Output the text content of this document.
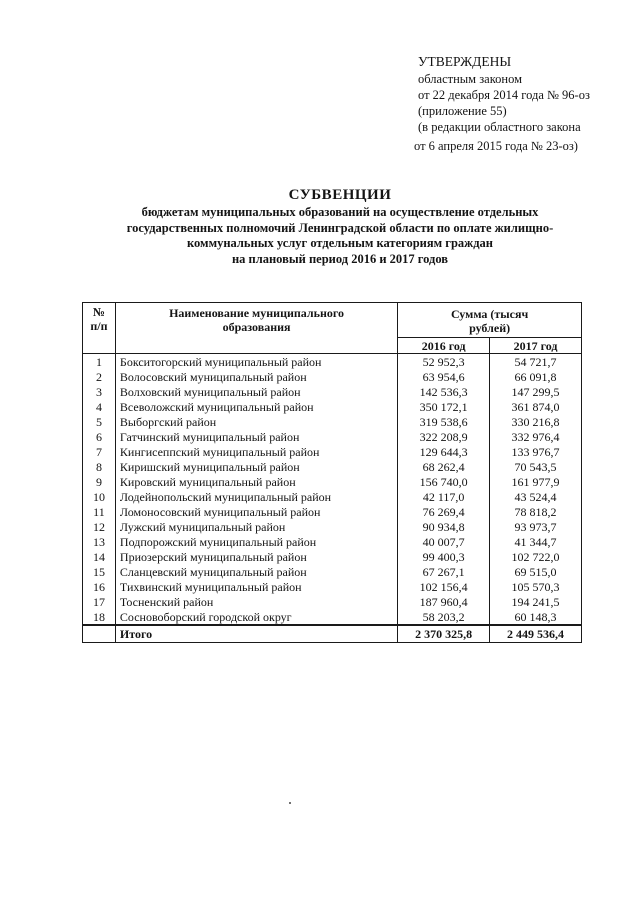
УТВЕРЖДЕНЫ
областным законом
от 22 декабря 2014 года № 96-оз
(приложение 55)
(в редакции областного закона
от 6 апреля 2015 года № 23-оз)
СУБВЕНЦИИ
бюджетам муниципальных образований на осуществление отдельных
государственных полномочий Ленинградской области по оплате жилищно-
коммунальных услуг отдельным категориям граждан
на плановый период 2016 и 2017 годов
№ п/п	Наименование муниципального образования	Сумма (тысяч рублей)	
		2016 год	2017 год
1	Бокситогорский муниципальный район	52 952,3	54 721,7
2	Волосовский муниципальный район	63 954,6	66 091,8
3	Волховский муниципальный район	142 536,3	147 299,5
4	Всеволожский муниципальный район	350 172,1	361 874,0
5	Выборгский район	319 538,6	330 216,8
6	Гатчинский муниципальный район	322 208,9	332 976,4
7	Кингисеппский муниципальный район	129 644,3	133 976,7
8	Киришский муниципальный район	68 262,4	70 543,5
9	Кировский муниципальный район	156 740,0	161 977,9
10	Лодейнопольский муниципальный район	42 117,0	43 524,4
11	Ломоносовский муниципальный район	76 269,4	78 818,2
12	Лужский муниципальный район	90 934,8	93 973,7
13	Подпорожский муниципальный район	40 007,7	41 344,7
14	Приозерский муниципальный район	99 400,3	102 722,0
15	Сланцевский муниципальный район	67 267,1	69 515,0
16	Тихвинский муниципальный район	102 156,4	105 570,3
17	Тосненский район	187 960,4	194 241,5
18	Сосновоборский городской округ	58 203,2	60 148,3
	Итого	2 370 325,8	2 449 536,4
